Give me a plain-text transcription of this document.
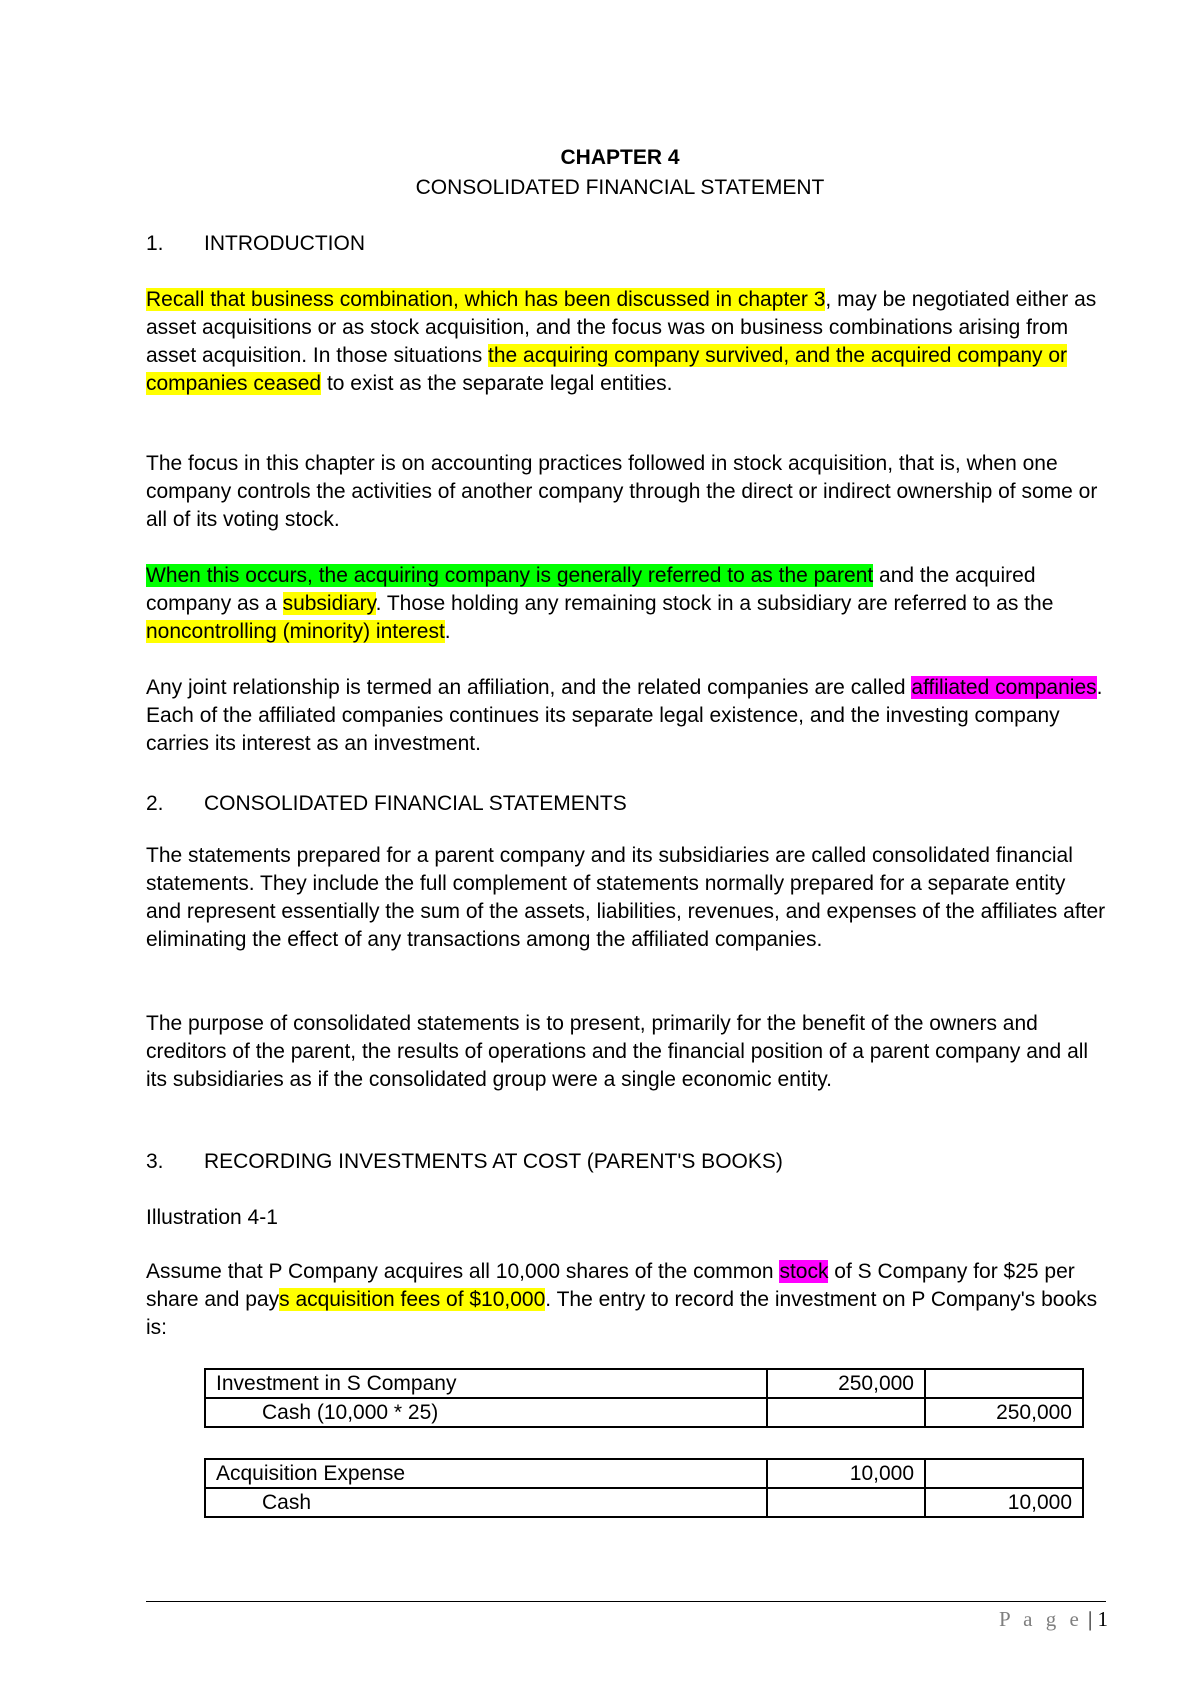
CHAPTER 4
CONSOLIDATED FINANCIAL STATEMENT
1. INTRODUCTION

Recall that business combination, which has been discussed in chapter 3, may be negotiated either as asset acquisitions or as stock acquisition, and the focus was on business combinations arising from asset acquisition. In those situations the acquiring company survived, and the acquired company or companies ceased to exist as the separate legal entities.

The focus in this chapter is on accounting practices followed in stock acquisition, that is, when one company controls the activities of another company through the direct or indirect ownership of some or all of its voting stock.

When this occurs, the acquiring company is generally referred to as the parent and the acquired company as a subsidiary. Those holding any remaining stock in a subsidiary are referred to as the noncontrolling (minority) interest.

Any joint relationship is termed an affiliation, and the related companies are called affiliated companies. Each of the affiliated companies continues its separate legal existence, and the investing company carries its interest as an investment.

2. CONSOLIDATED FINANCIAL STATEMENTS

The statements prepared for a parent company and its subsidiaries are called consolidated financial statements. They include the full complement of statements normally prepared for a separate entity and represent essentially the sum of the assets, liabilities, revenues, and expenses of the affiliates after eliminating the effect of any transactions among the affiliated companies.

The purpose of consolidated statements is to present, primarily for the benefit of the owners and creditors of the parent, the results of operations and the financial position of a parent company and all its subsidiaries as if the consolidated group were a single economic entity.

3. RECORDING INVESTMENTS AT COST (PARENT'S BOOKS)

Illustration 4-1

Assume that P Company acquires all 10,000 shares of the common stock of S Company for $25 per share and pays acquisition fees of $10,000. The entry to record the investment on P Company's books is:

Investment in S Company	250,000	
Cash (10,000 * 25)		250,000
Acquisition Expense	10,000	
Cash		10,000
P a g e | 1
